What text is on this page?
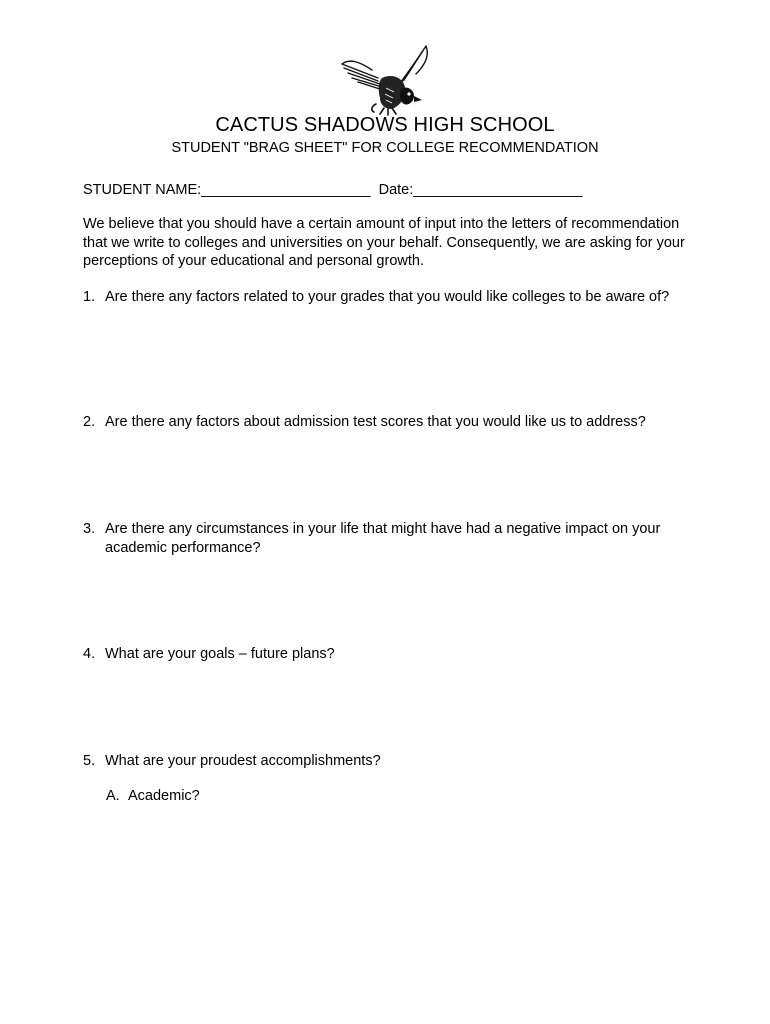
CACTUS SHADOWS HIGH SCHOOL
STUDENT "BRAG SHEET" FOR COLLEGE RECOMMENDATION
STUDENT NAME:_____________________ Date:_____________________
We believe that you should have a certain amount of input into the letters of recommendation that we write to colleges and universities on your behalf. Consequently, we are asking for your perceptions of your educational and personal growth.
1. Are there any factors related to your grades that you would like colleges to be aware of?
2. Are there any factors about admission test scores that you would like us to address?
3. Are there any circumstances in your life that might have had a negative impact on your academic performance?
4. What are your goals – future plans?
5. What are your proudest accomplishments?
A. Academic?
